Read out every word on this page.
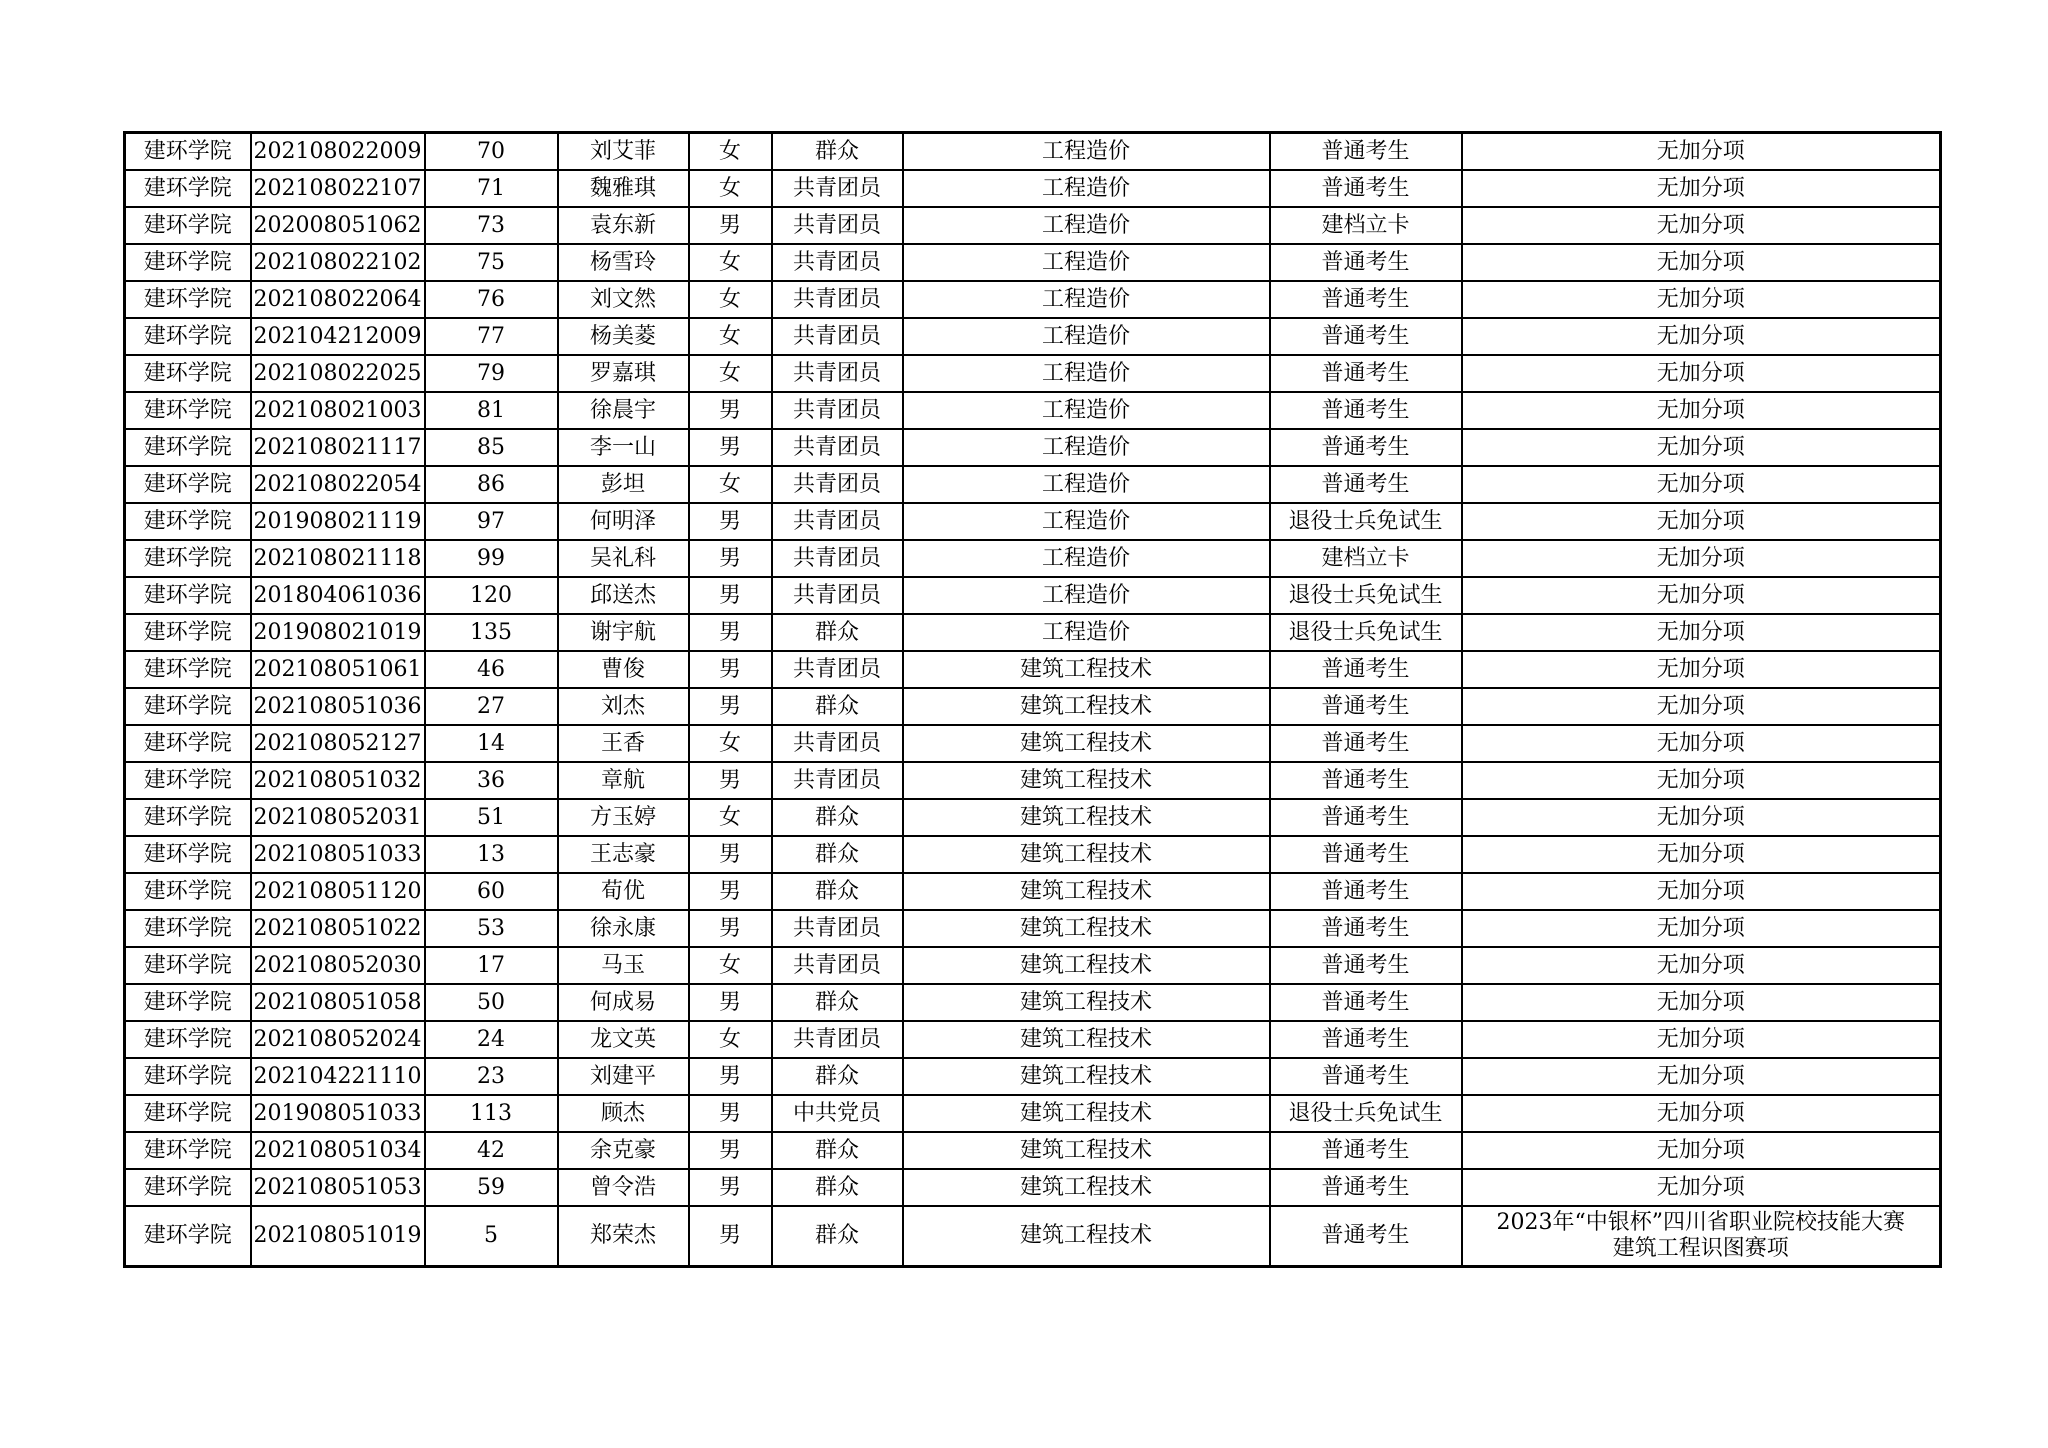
建环学院	202108022009	70	刘艾菲	女	群众	工程造价	普通考生	无加分项
建环学院	202108022107	71	魏雅琪	女	共青团员	工程造价	普通考生	无加分项
建环学院	202008051062	73	袁东新	男	共青团员	工程造价	建档立卡	无加分项
建环学院	202108022102	75	杨雪玲	女	共青团员	工程造价	普通考生	无加分项
建环学院	202108022064	76	刘文然	女	共青团员	工程造价	普通考生	无加分项
建环学院	202104212009	77	杨美菱	女	共青团员	工程造价	普通考生	无加分项
建环学院	202108022025	79	罗嘉琪	女	共青团员	工程造价	普通考生	无加分项
建环学院	202108021003	81	徐晨宇	男	共青团员	工程造价	普通考生	无加分项
建环学院	202108021117	85	李一山	男	共青团员	工程造价	普通考生	无加分项
建环学院	202108022054	86	彭坦	女	共青团员	工程造价	普通考生	无加分项
建环学院	201908021119	97	何明泽	男	共青团员	工程造价	退役士兵免试生	无加分项
建环学院	202108021118	99	吴礼科	男	共青团员	工程造价	建档立卡	无加分项
建环学院	201804061036	120	邱送杰	男	共青团员	工程造价	退役士兵免试生	无加分项
建环学院	201908021019	135	谢宇航	男	群众	工程造价	退役士兵免试生	无加分项
建环学院	202108051061	46	曹俊	男	共青团员	建筑工程技术	普通考生	无加分项
建环学院	202108051036	27	刘杰	男	群众	建筑工程技术	普通考生	无加分项
建环学院	202108052127	14	王香	女	共青团员	建筑工程技术	普通考生	无加分项
建环学院	202108051032	36	章航	男	共青团员	建筑工程技术	普通考生	无加分项
建环学院	202108052031	51	方玉婷	女	群众	建筑工程技术	普通考生	无加分项
建环学院	202108051033	13	王志豪	男	群众	建筑工程技术	普通考生	无加分项
建环学院	202108051120	60	荀优	男	群众	建筑工程技术	普通考生	无加分项
建环学院	202108051022	53	徐永康	男	共青团员	建筑工程技术	普通考生	无加分项
建环学院	202108052030	17	马玉	女	共青团员	建筑工程技术	普通考生	无加分项
建环学院	202108051058	50	何成易	男	群众	建筑工程技术	普通考生	无加分项
建环学院	202108052024	24	龙文英	女	共青团员	建筑工程技术	普通考生	无加分项
建环学院	202104221110	23	刘建平	男	群众	建筑工程技术	普通考生	无加分项
建环学院	201908051033	113	顾杰	男	中共党员	建筑工程技术	退役士兵免试生	无加分项
建环学院	202108051034	42	余克豪	男	群众	建筑工程技术	普通考生	无加分项
建环学院	202108051053	59	曾令浩	男	群众	建筑工程技术	普通考生	无加分项
建环学院	202108051019	5	郑荣杰	男	群众	建筑工程技术	普通考生	2023年“中银杯”四川省职业院校技能大赛
建筑工程识图赛项
